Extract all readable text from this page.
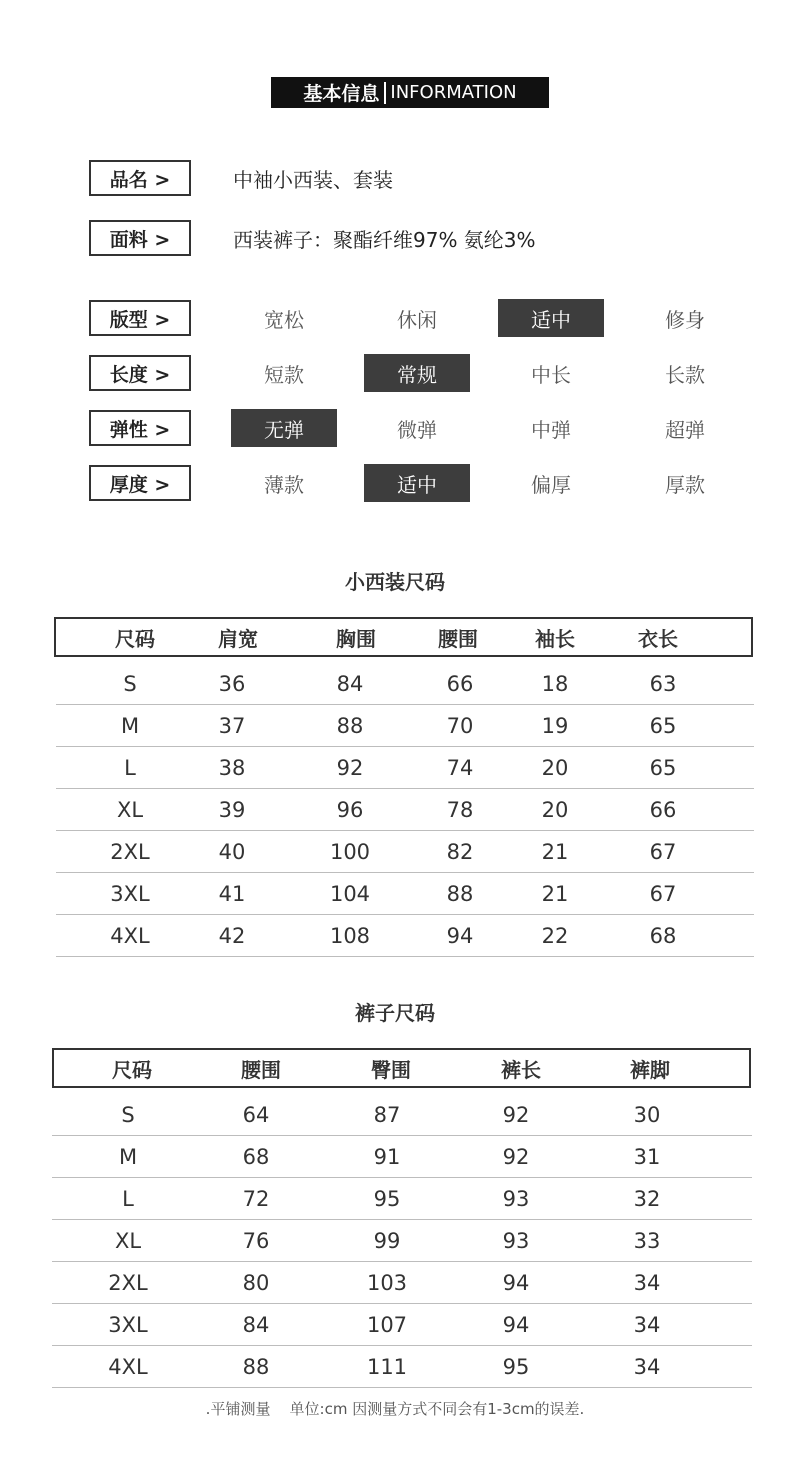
基本信息 INFORMATION
品名 >	中袖小西装、套装
面料 >	西装裤子：聚酯纤维97% 氨纶3%
版型 >	宽松	休闲	适中	修身
长度 >	短款	常规	中长	长款
弹性 >	无弹	微弹	中弹	超弹
厚度 >	薄款	适中	偏厚	厚款
小西装尺码
尺码	肩宽	胸围	腰围	袖长	衣长
S	36	84	66	18	63
M	37	88	70	19	65
L	38	92	74	20	65
XL	39	96	78	20	66
2XL	40	100	82	21	67
3XL	41	104	88	21	67
4XL	42	108	94	22	68
裤子尺码
尺码	腰围	臀围	裤长	裤脚
S	64	87	92	30
M	68	91	92	31
L	72	95	93	32
XL	76	99	93	33
2XL	80	103	94	34
3XL	84	107	94	34
4XL	88	111	95	34
.平铺测量    单位:cm 因测量方式不同会有1-3cm的误差.
